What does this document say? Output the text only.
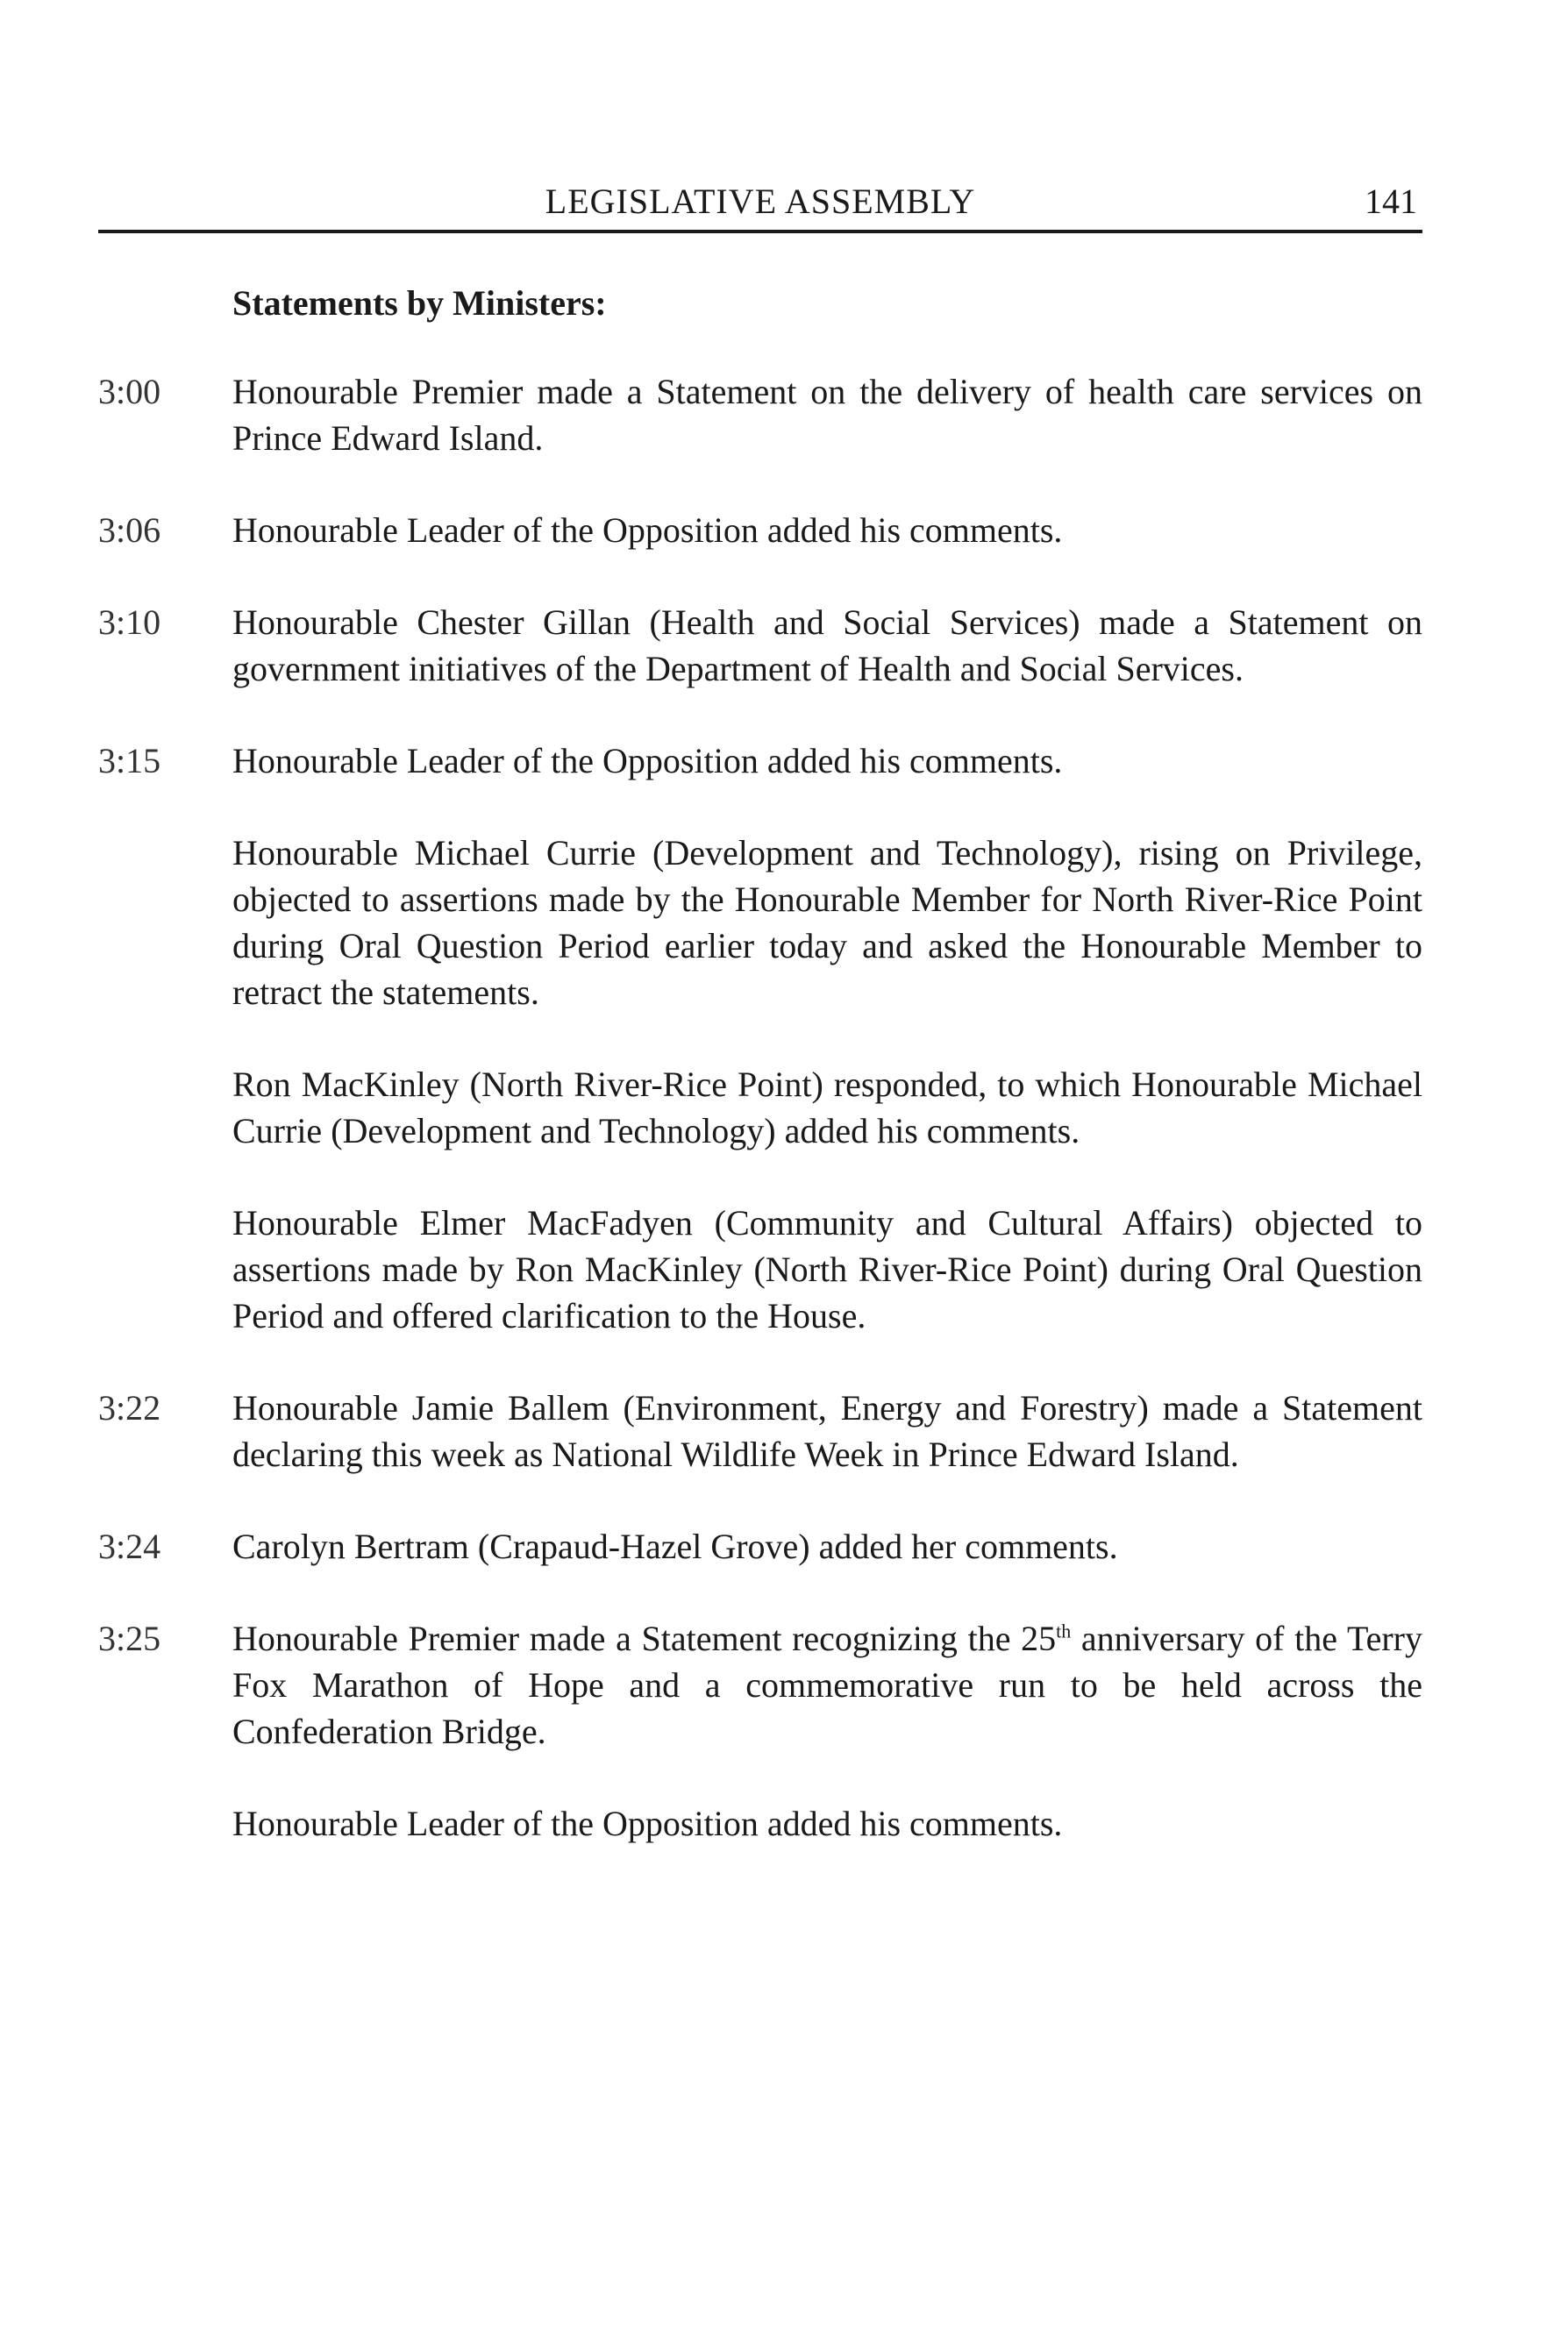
LEGISLATIVE ASSEMBLY	141
Statements by Ministers:
3:00	Honourable Premier made a Statement on the delivery of health care services on Prince Edward Island.
3:06	Honourable Leader of the Opposition added his comments.
3:10	Honourable Chester Gillan (Health and Social Services) made a Statement on government initiatives of the Department of Health and Social Services.
3:15	Honourable Leader of the Opposition added his comments.
Honourable Michael Currie (Development and Technology), rising on Privilege, objected to assertions made by the Honourable Member for North River-Rice Point during Oral Question Period earlier today and asked the Honourable Member to retract the statements.
Ron MacKinley (North River-Rice Point) responded, to which Honourable Michael Currie (Development and Technology) added his comments.
Honourable Elmer MacFadyen (Community and Cultural Affairs) objected to assertions made by Ron MacKinley (North River-Rice Point) during Oral Question Period and offered clarification to the House.
3:22	Honourable Jamie Ballem (Environment, Energy and Forestry) made a Statement declaring this week as National Wildlife Week in Prince Edward Island.
3:24	Carolyn Bertram (Crapaud-Hazel Grove) added her comments.
3:25	Honourable Premier made a Statement recognizing the 25th anniversary of the Terry Fox Marathon of Hope and a commemorative run to be held across the Confederation Bridge.
Honourable Leader of the Opposition added his comments.
